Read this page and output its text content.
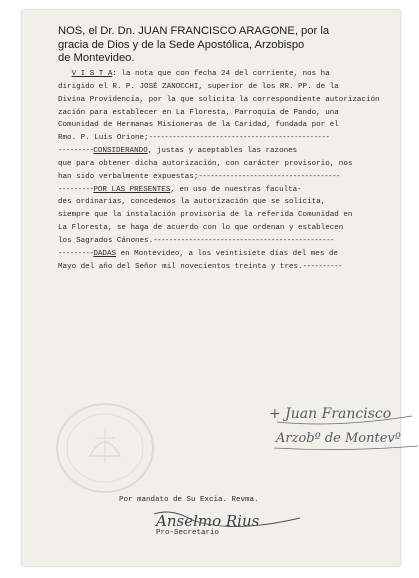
NOS, el Dr. Dn. JUAN FRANCISCO ARAGONE, por la
gracia de Dios y de la Sede Apostólica, Arzobispo
de Montevideo.
V I S T A: la nota que con fecha 24 del corriente, nos ha
dirigido el R. P. JOSÉ ZANOCCHI, superior de los RR. PP. de la
Divina Providencia, por la que solicita la correspondiente autorización
zación para establecer en La Floresta, Parroquia de Pando, una
Comunidad de Hermanas Misioneras de la Caridad, fundada por el
Rmo. P. Luis Orione;----------------------------------------------
---------CONSIDERANDO, justas y aceptables las razones
que para obtener dicha autorización, con carácter provisorio, nos
han sido verbalmente expuestas;------------------------------------
---------POR LAS PRESENTES, en uso de nuestras faculta-
des ordinarias, concedemos la autorización que se solicita,
siempre que la instalación provisoria de la referida Comunidad en
La Floresta, se haga de acuerdo con lo que ordenan y establecen
los Sagrados Cánones.----------------------------------------------
---------DADAS en Montevideo, a los veintisiete días del mes de
Mayo del año del Señor mil novecientos treinta y tres.----------
+ Juan Francisco
Arzobº de Montevº
Por mandato de Su Excia. Revma.
Anselmo Rius
Pro-Secretario
